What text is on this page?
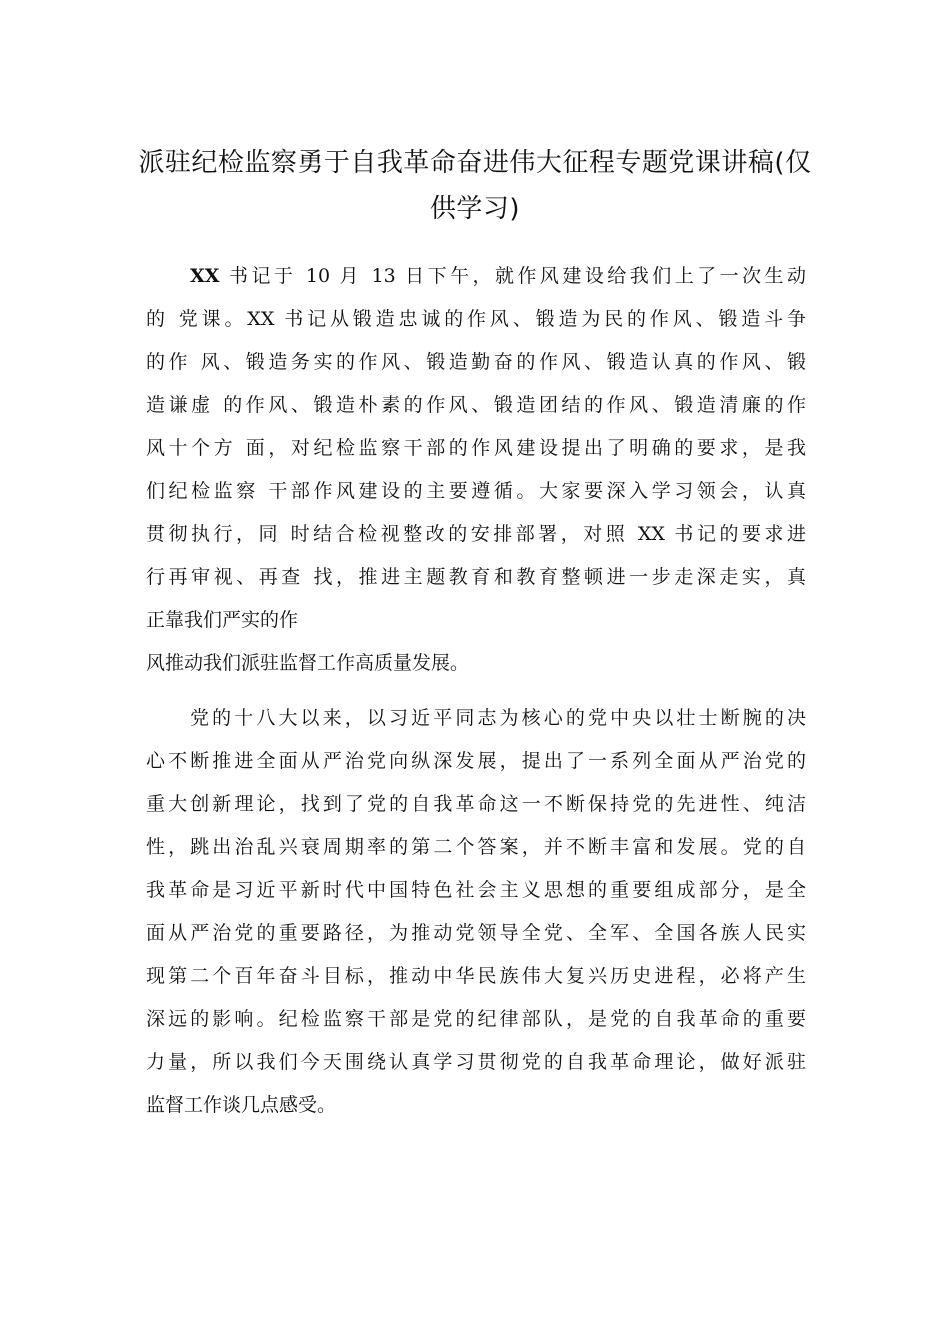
派驻纪检监察勇于自我革命奋进伟大征程专题党课讲稿(仅
供学习)
XX 书记于 10 月 13 日下午，就作风建设给我们上了一次生动
的 党课。XX 书记从锻造忠诚的作风、锻造为民的作风、锻造斗争
的作 风、锻造务实的作风、锻造勤奋的作风、锻造认真的作风、锻
造谦虚 的作风、锻造朴素的作风、锻造团结的作风、锻造清廉的作
风十个方 面，对纪检监察干部的作风建设提出了明确的要求，是我
们纪检监察 干部作风建设的主要遵循。大家要深入学习领会，认真
贯彻执行，同 时结合检视整改的安排部署，对照 XX 书记的要求进
行再审视、再查 找，推进主题教育和教育整顿进一步走深走实，真
正靠我们严实的作
风推动我们派驻监督工作高质量发展。
党的十八大以来，以习近平同志为核心的党中央以壮士断腕的决
心不断推进全面从严治党向纵深发展，提出了一系列全面从严治党的
重大创新理论，找到了党的自我革命这一不断保持党的先进性、纯洁
性，跳出治乱兴衰周期率的第二个答案，并不断丰富和发展。党的自
我革命是习近平新时代中国特色社会主义思想的重要组成部分，是全
面从严治党的重要路径，为推动党领导全党、全军、全国各族人民实
现第二个百年奋斗目标，推动中华民族伟大复兴历史进程，必将产生
深远的影响。纪检监察干部是党的纪律部队，是党的自我革命的重要
力量，所以我们今天围绕认真学习贯彻党的自我革命理论，做好派驻
监督工作谈几点感受。
